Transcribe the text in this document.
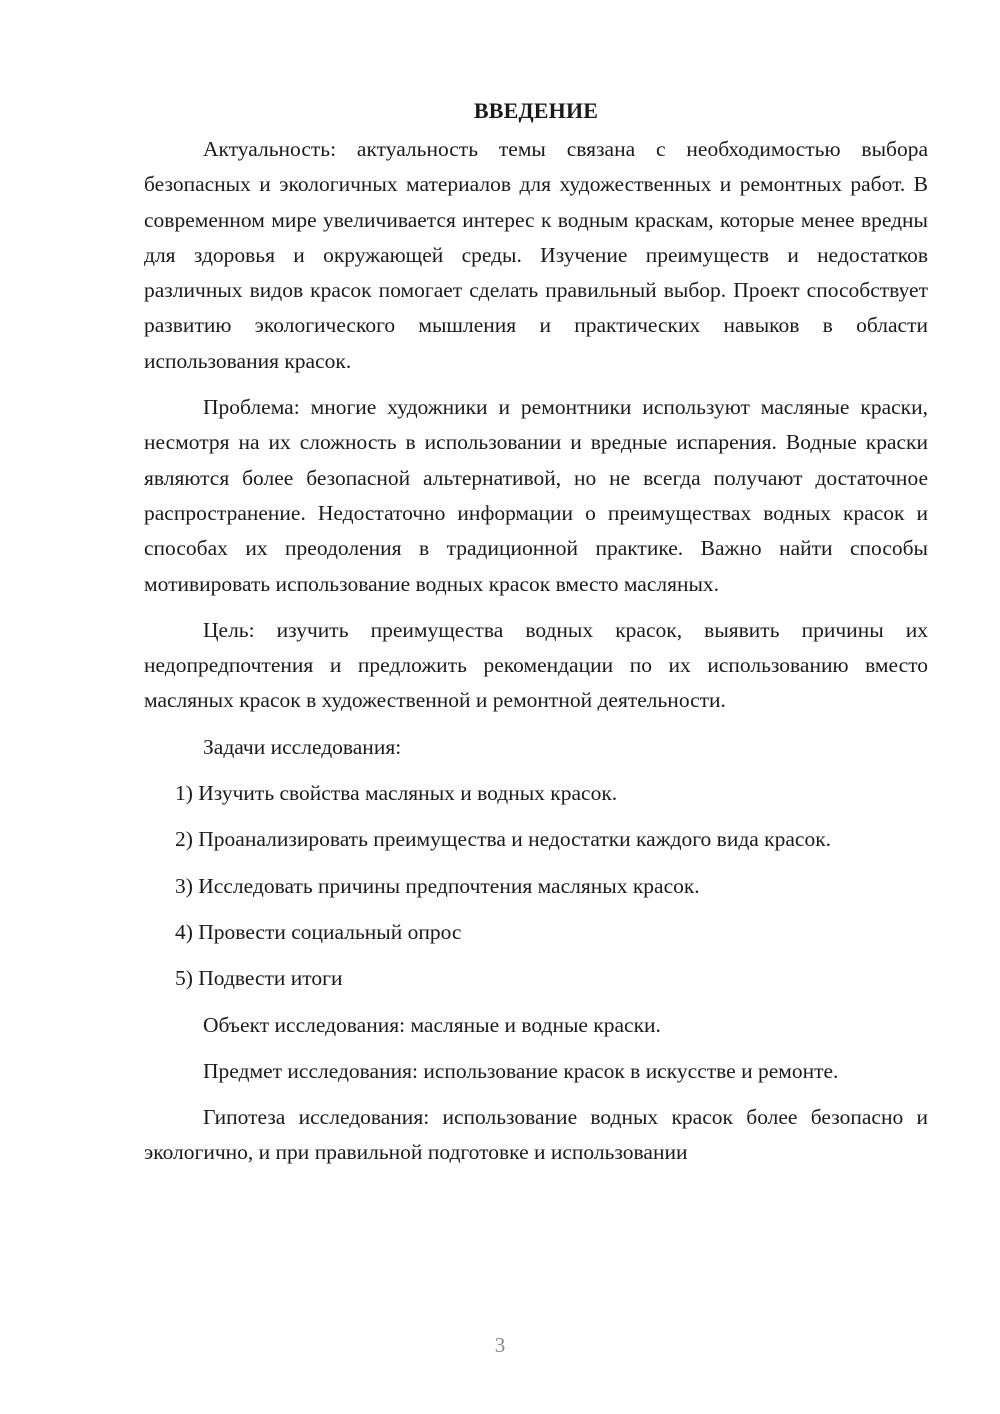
ВВЕДЕНИЕ

Актуальность: актуальность темы связана с необходимостью выбора безопасных и экологичных материалов для художественных и ремонтных работ. В современном мире увеличивается интерес к водным краскам, которые менее вредны для здоровья и окружающей среды. Изучение преимуществ и недостатков различных видов красок помогает сделать правильный выбор. Проект способствует развитию экологического мышления и практических навыков в области использования красок.

Проблема: многие художники и ремонтники используют масляные краски, несмотря на их сложность в использовании и вредные испарения. Водные краски являются более безопасной альтернативой, но не всегда получают достаточное распространение. Недостаточно информации о преимуществах водных красок и способах их преодоления в традиционной практике. Важно найти способы мотивировать использование водных красок вместо масляных.

Цель: изучить преимущества водных красок, выявить причины их недопредпочтения и предложить рекомендации по их использованию вместо масляных красок в художественной и ремонтной деятельности.

Задачи исследования:

1) Изучить свойства масляных и водных красок.

2) Проанализировать преимущества и недостатки каждого вида красок.

3) Исследовать причины предпочтения масляных красок.

4) Провести социальный опрос

5) Подвести итоги

Объект исследования: масляные и водные краски.

Предмет исследования: использование красок в искусстве и ремонте.

Гипотеза исследования: использование водных красок более безопасно и экологично, и при правильной подготовке и использовании

3
